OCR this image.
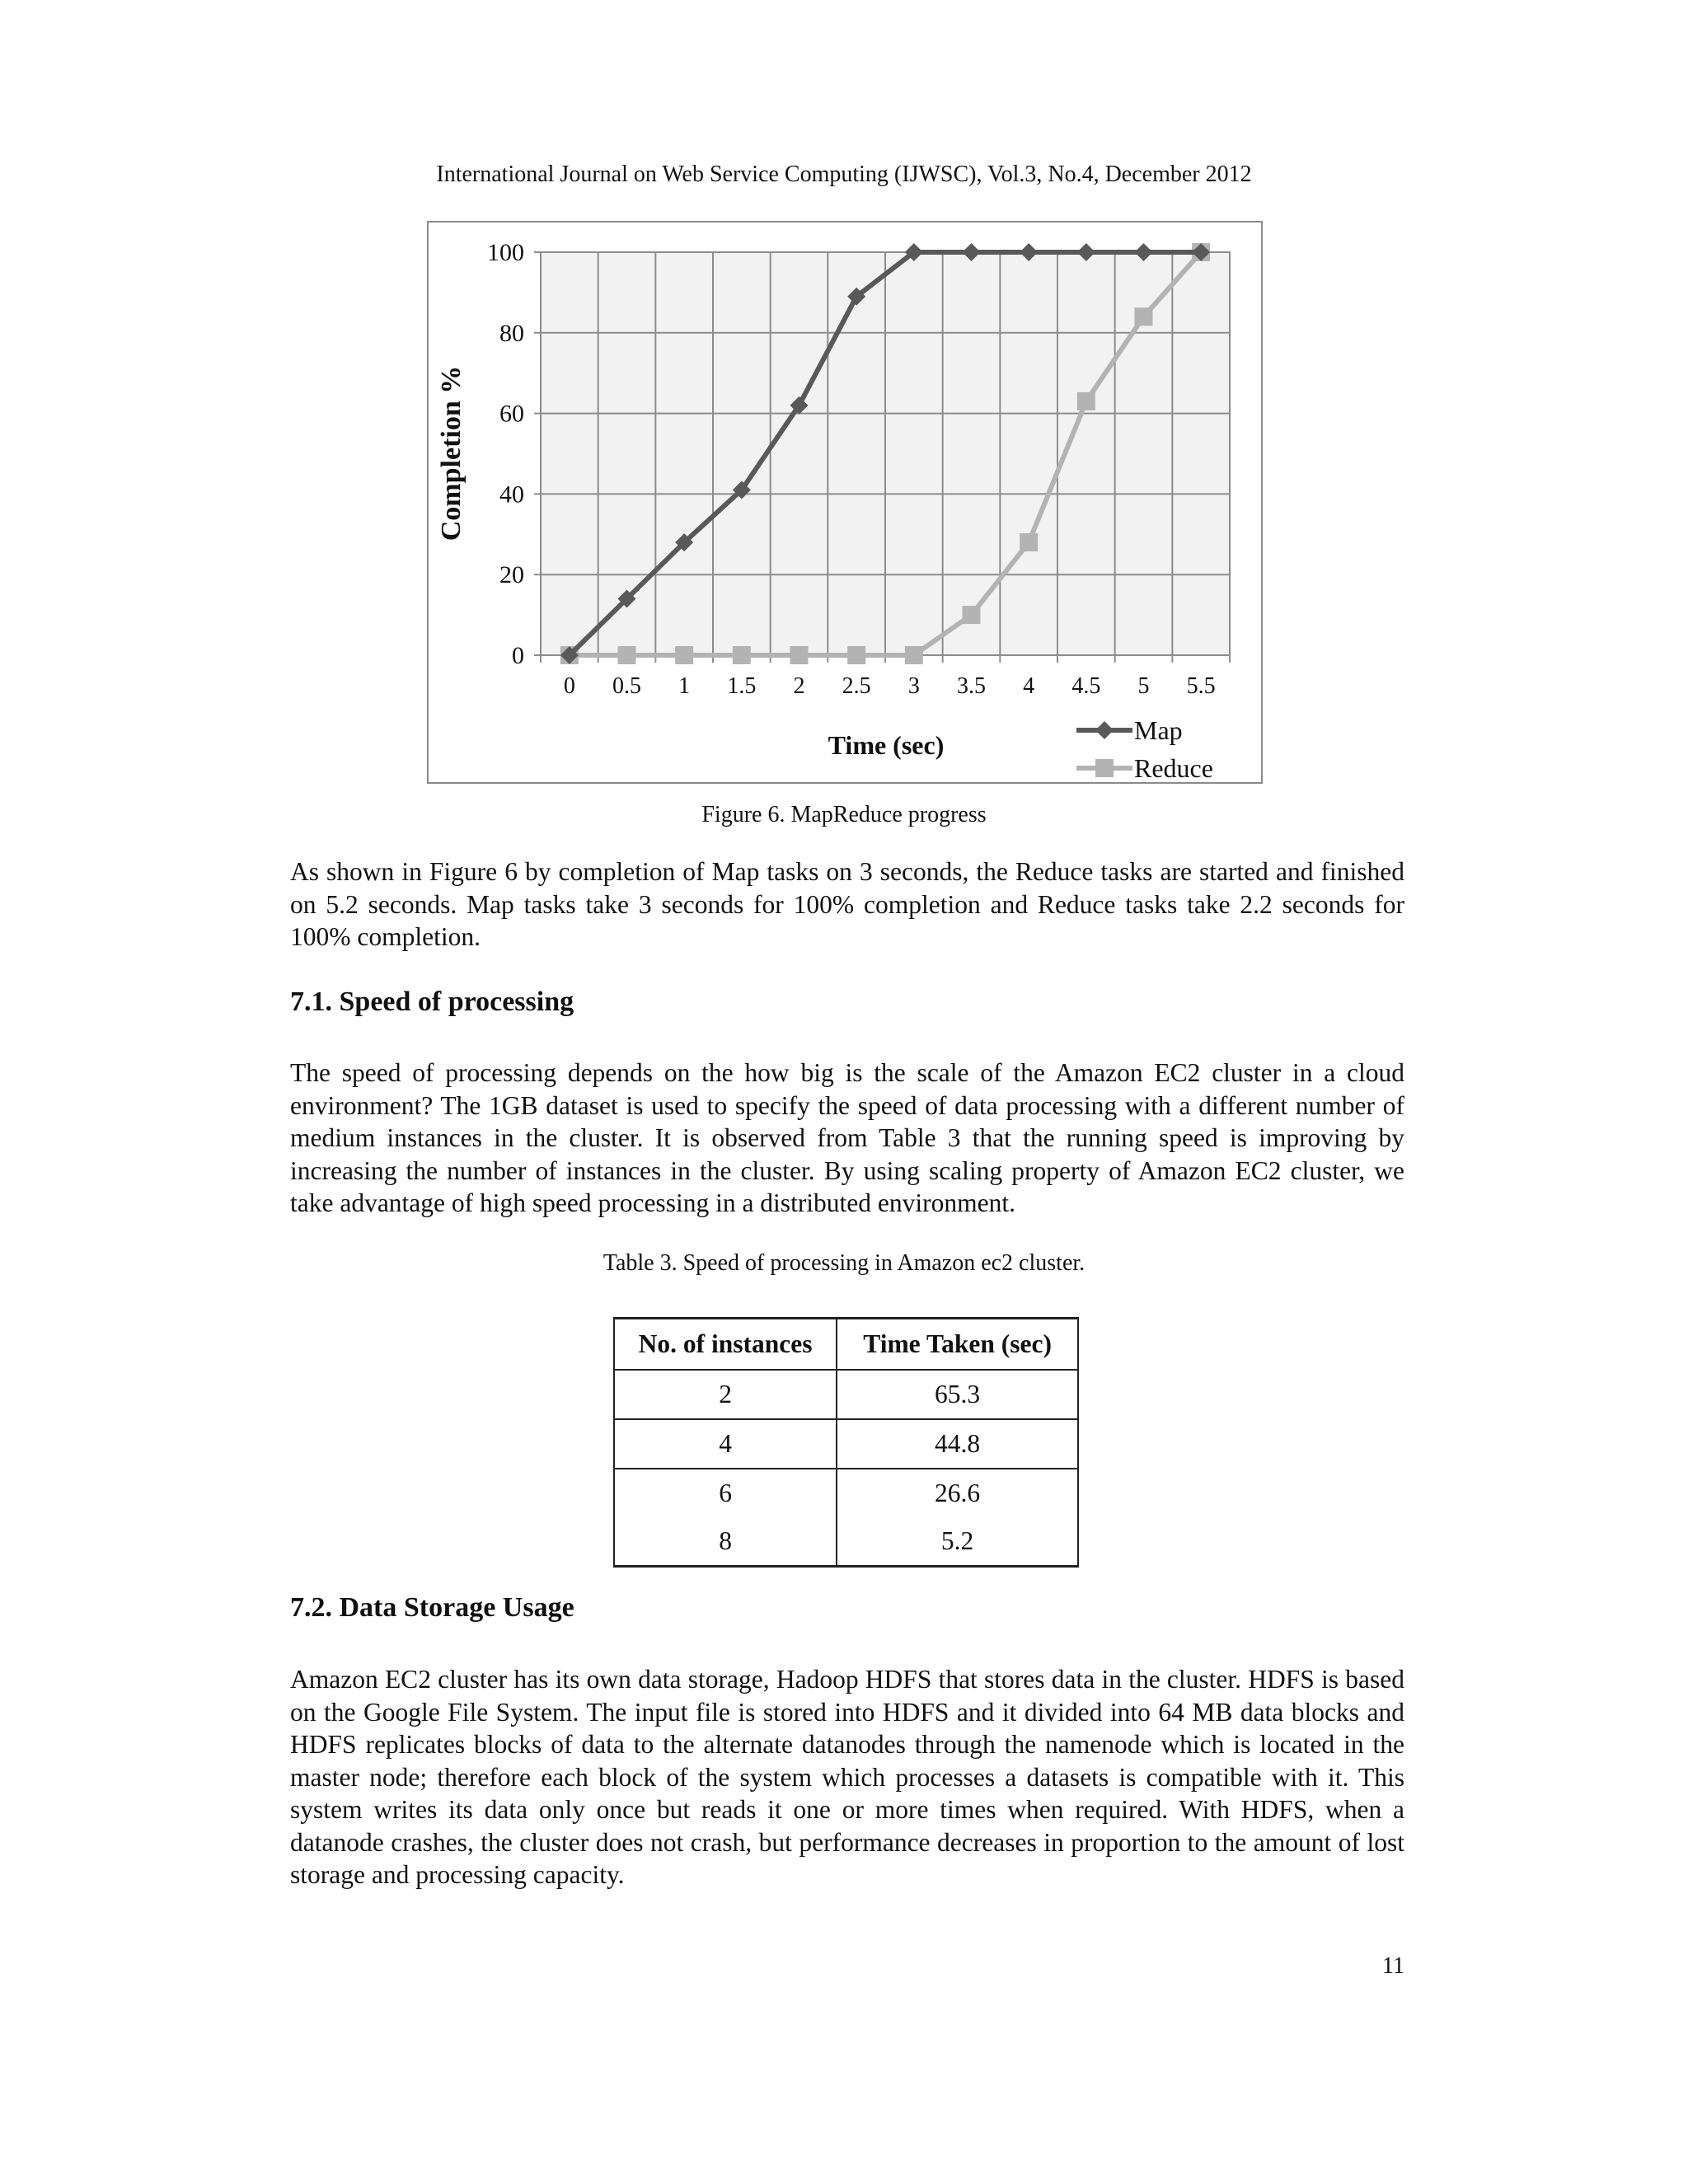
International Journal on Web Service Computing (IJWSC), Vol.3, No.4, December 2012
0
20
40
60
80
100
0 0.5 1 1.5 2 2.5 3 3.5 4 4.5 5 5.5
Time (sec)
Completion %
Map
Reduce
Figure 6. MapReduce progress
As shown in Figure 6 by completion of Map tasks on 3 seconds, the Reduce tasks are started and finished on 5.2 seconds. Map tasks take 3 seconds for 100% completion and Reduce tasks take 2.2 seconds for 100% completion.
7.1. Speed of processing
The speed of processing depends on the how big is the scale of the Amazon EC2 cluster in a cloud environment? The 1GB dataset is used to specify the speed of data processing with a different number of medium instances in the cluster. It is observed from Table 3 that the running speed is improving by increasing the number of instances in the cluster. By using scaling property of Amazon EC2 cluster, we take advantage of high speed processing in a distributed environment.
Table 3. Speed of processing in Amazon ec2 cluster.
No. of instances	Time Taken (sec)
2	65.3
4	44.8
6	26.6
8	5.2
7.2. Data Storage Usage
Amazon EC2 cluster has its own data storage, Hadoop HDFS that stores data in the cluster. HDFS is based on the Google File System. The input file is stored into HDFS and it divided into 64 MB data blocks and HDFS replicates blocks of data to the alternate datanodes through the namenode which is located in the master node; therefore each block of the system which processes a datasets is compatible with it. This system writes its data only once but reads it one or more times when required. With HDFS, when a datanode crashes, the cluster does not crash, but performance decreases in proportion to the amount of lost storage and processing capacity.
11
